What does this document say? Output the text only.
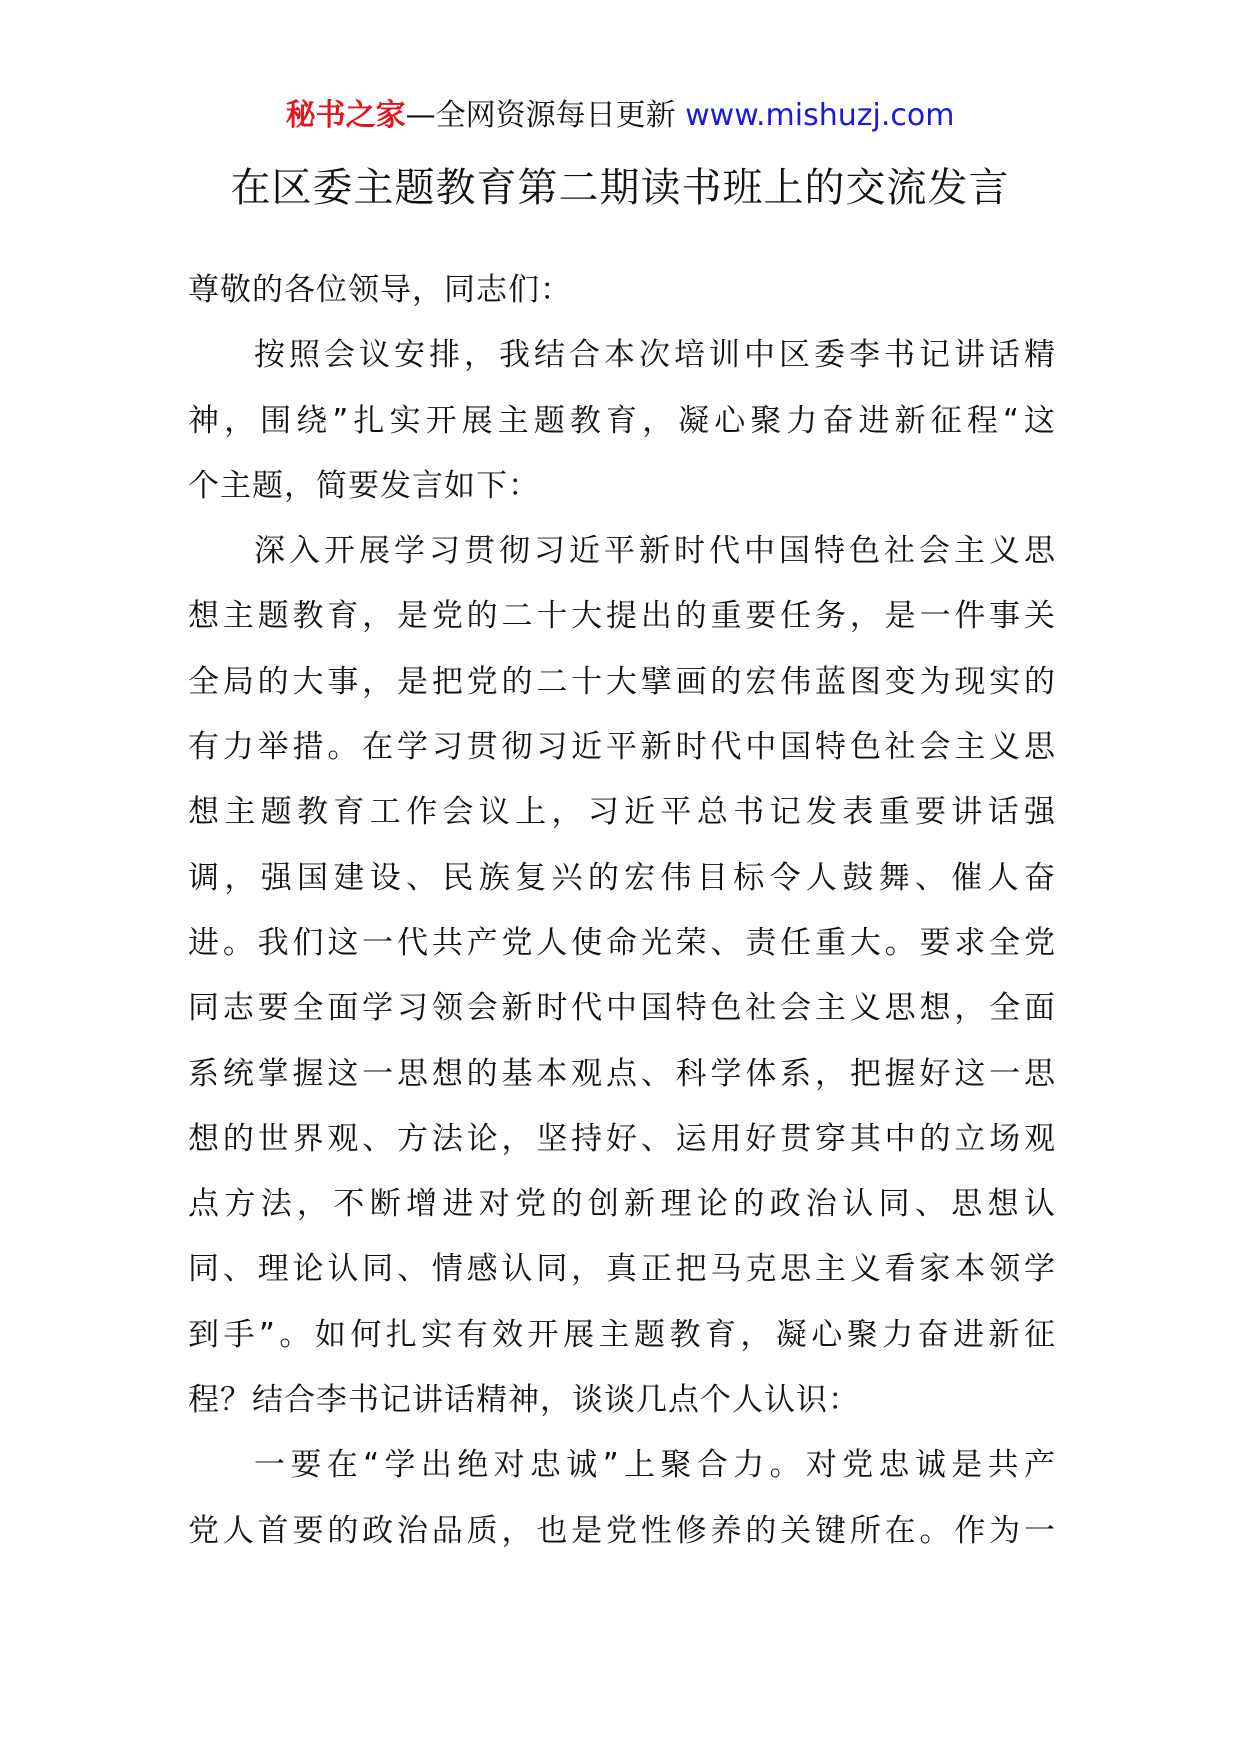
秘书之家—全网资源每日更新 www.mishuzj.com
在区委主题教育第二期读书班上的交流发言
尊敬的各位领导，同志们：
按照会议安排，我结合本次培训中区委李书记讲话精
神，围绕”扎实开展主题教育，凝心聚力奋进新征程“这
个主题，简要发言如下：
深入开展学习贯彻习近平新时代中国特色社会主义思
想主题教育，是党的二十大提出的重要任务，是一件事关
全局的大事，是把党的二十大擘画的宏伟蓝图变为现实的
有力举措。在学习贯彻习近平新时代中国特色社会主义思
想主题教育工作会议上，习近平总书记发表重要讲话强
调，强国建设、民族复兴的宏伟目标令人鼓舞、催人奋
进。我们这一代共产党人使命光荣、责任重大。要求全党
同志要全面学习领会新时代中国特色社会主义思想，全面
系统掌握这一思想的基本观点、科学体系，把握好这一思
想的世界观、方法论，坚持好、运用好贯穿其中的立场观
点方法，不断增进对党的创新理论的政治认同、思想认
同、理论认同、情感认同，真正把马克思主义看家本领学
到手”。如何扎实有效开展主题教育，凝心聚力奋进新征
程？结合李书记讲话精神，谈谈几点个人认识：
一要在“学出绝对忠诚”上聚合力。对党忠诚是共产
党人首要的政治品质，也是党性修养的关键所在。作为一
